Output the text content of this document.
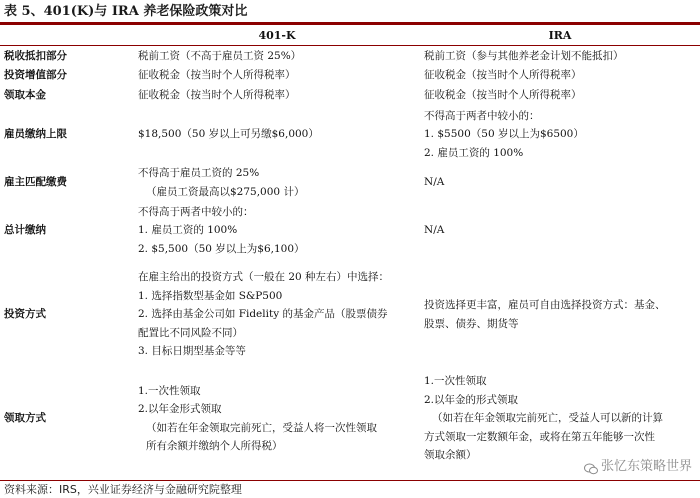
表 5、401(K)与 IRA 养老保险政策对比
	401-K	IRA
税收抵扣部分	税前工资（不高于雇员工资 25%）	税前工资（参与其他养老金计划不能抵扣）

投资增值部分	征收税金（按当时个人所得税率）	征收税金（按当时个人所得税率）

领取本金	征收税金（按当时个人所得税率）	征收税金（按当时个人所得税率）

雇员缴纳上限	$18,500（50 岁以上可另缴$6,000）	不得高于两者中较小的：
1. $5500（50 岁以上为$6500）
2. 雇员工资的 100%

雇主匹配缴费	不得高于雇员工资的 25%
（雇员工资最高以$275,000 计）	N/A

总计缴纳	不得高于两者中较小的：
1. 雇员工资的 100%
2. $5,500（50 岁以上为$6,100）	N/A

投资方式	在雇主给出的投资方式（一般在 20 种左右）中选择：
1. 选择指数型基金如 S&P500
2. 选择由基金公司如 Fidelity 的基金产品（股票债券
配置比不同风险不同）
3. 目标日期型基金等等	投资选择更丰富，雇员可自由选择投资方式：基金、
股票、债券、期货等

领取方式	1.一次性领取
2.以年金形式领取
（如若在年金领取完前死亡，受益人将一次性领取
所有余额并缴纳个人所得税）	1.一次性领取
2.以年金的形式领取
（如若在年金领取完前死亡，受益人可以新的计算
方式领取一定数额年金，或将在第五年能够一次性
领取余额）
张忆东策略世界
资料来源：IRS，兴业证券经济与金融研究院整理
